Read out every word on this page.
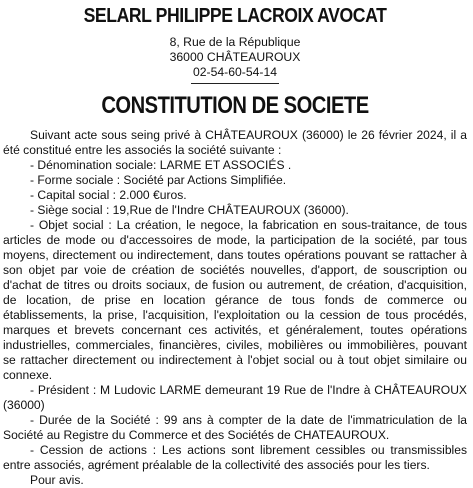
SELARL PHILIPPE LACROIX AVOCAT
8, Rue de la République
36000 CHÂTEAUROUX
02-54-60-54-14
CONSTITUTION DE SOCIETE

Suivant acte sous seing privé à CHÂTEAUROUX (36000) le 26 février 2024, il a été constitué entre les associés la société suivante :

- Dénomination sociale: LARME ET ASSOCIÉS .

- Forme sociale : Société par Actions Simplifiée.

- Capital social : 2.000 €uros.

- Siège social : 19,Rue de l'Indre CHÂTEAUROUX (36000).

- Objet social : La création, le negoce, la fabrication en sous-traitance, de tous articles de mode ou d'accessoires de mode, la participation de la société, par tous moyens, directement ou indirectement, dans toutes opérations pouvant se rattacher à son objet par voie de création de sociétés nouvelles, d'apport, de souscription ou d'achat de titres ou droits sociaux, de fusion ou autrement, de création, d'acquisition, de location, de prise en location gérance de tous fonds de commerce ou établissements, la prise, l'acquisition, l'exploitation ou la cession de tous procédés, marques et brevets concernant ces activités, et généralement, toutes opérations industrielles, commerciales, financières, civiles, mobilières ou immobilières, pouvant se rattacher directement ou indirectement à l'objet social ou à tout objet similaire ou connexe.

- Président : M Ludovic LARME demeurant 19 Rue de l'Indre à CHÂTEAUROUX (36000)

- Durée de la Société : 99 ans à compter de la date de l'immatriculation de la Société au Registre du Commerce et des Sociétés de CHATEAUROUX.

- Cession de actions : Les actions sont librement cessibles ou transmissibles entre associés, agrément préalable de la collectivité des associés pour les tiers.

Pour avis.
